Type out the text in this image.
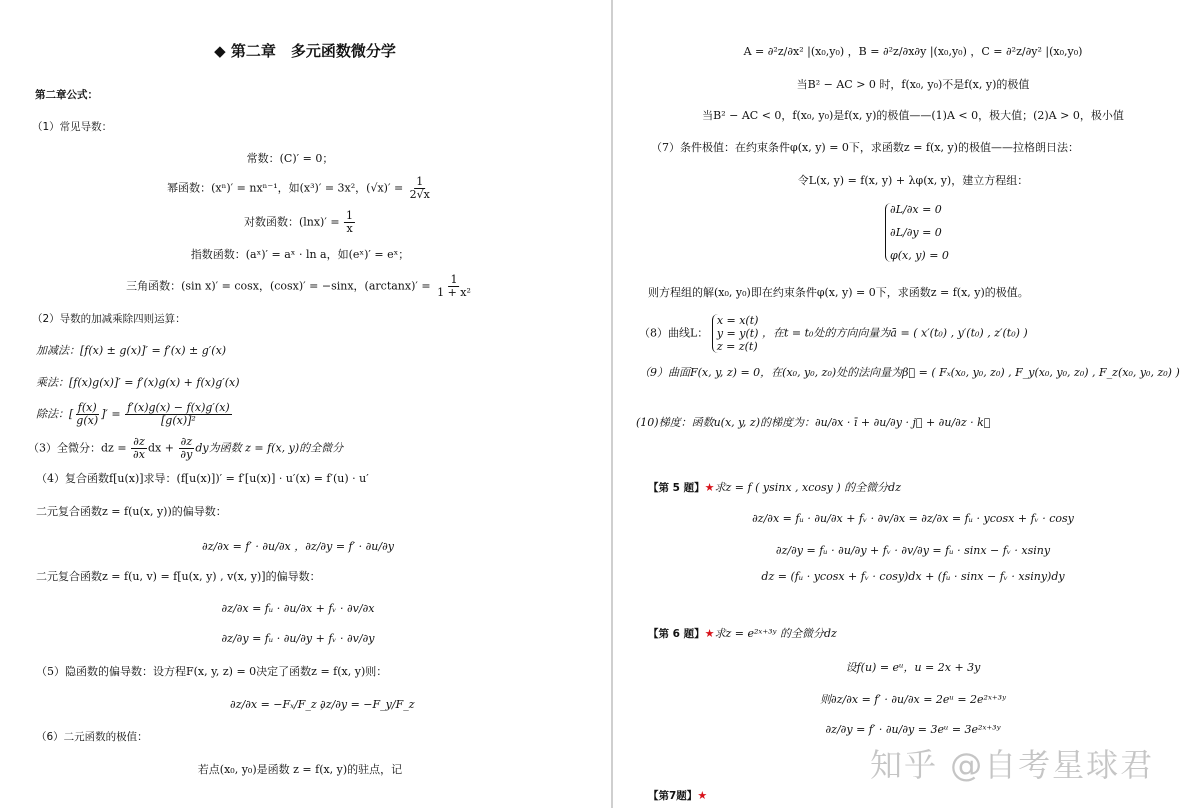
◆ 第二章　多元函数微分学
第二章公式：
（1）常见导数：
常数：(C)′ = 0；
幂函数：(xⁿ)′ = nxⁿ⁻¹，如(x³)′ = 3x²，$(√x)' = \frac{1}{2√x}$
对数函数：$(\ln x)' = \frac{1}{x}$
指数函数：(aˣ)′ = aˣ · ln a，如(eˣ)′ = eˣ；
三角函数：(sin x)′ = cosx，(cosx)′ = −sinx，$(\arctan x)' = \frac{1}{\text{1 + x²}}$
（2）导数的加减乘除四则运算：
加减法：[f(x) ± g(x)]′ = f′(x) ± g′(x)
乘法：[f(x)g(x)]′ = f′(x)g(x) + f(x)g′(x)
除法：[ $\frac{f(x)}{g(x)}$ ]′ = $\frac{f'(x)g(x) - f(x)g'(x)}{\text{[g(x)]²}}$
（3）全微分：dz = $\frac{\partial z}{\partial x}$ dx + $\frac{\partial z}{\partial y}$ dy为函数 z = f(x, y)的全微分
（4）复合函数f[u(x)]求导：(f[u(x)])′ = f′[u(x)] · u′(x) = f′(u) · u′
二元复合函数z = f(u(x, y))的偏导数：
∂z/∂x = f′ · ∂u/∂x ，∂z/∂y = f′ · ∂u/∂y
二元复合函数z = f(u, v) = f[u(x, y) , v(x, y)]的偏导数：
∂z/∂x = fᵤ · ∂u/∂x + fᵥ · ∂v/∂x
∂z/∂y = fᵤ · ∂u/∂y + fᵥ · ∂v/∂y
（5）隐函数的偏导数：设方程F(x, y, z) = 0决定了函数z = f(x, y)则：
∂z/∂x = −Fₓ/F_z ，
∂z/∂y = −F_y/F_z
（6）二元函数的极值：
若点(x₀, y₀)是函数 z = f(x, y)的驻点，记
A = ∂²z/∂x² |(x₀,y₀) ，B = ∂²z/∂x∂y |(x₀,y₀) ，C = ∂²z/∂y² |(x₀,y₀)
当B² − AC > 0 时，f(x₀, y₀)不是f(x, y)的极值
当B² − AC < 0，f(x₀, y₀)是f(x, y)的极值——(1)A < 0，极大值；(2)A > 0，极小值
（7）条件极值：在约束条件φ(x, y) = 0下，求函数z = f(x, y)的极值——拉格朗日法：
令L(x, y) = f(x, y) + λφ(x, y)，建立方程组：
∂L/∂x = 0
∂L/∂y = 0
φ(x, y) = 0
则方程组的解(x₀, y₀)即在约束条件φ(x, y) = 0下，求函数z = f(x, y)的极值。
（8）曲线L：
x = x(t)
y = y(t)
z = z(t)
，在t = t₀处的方向向量为ā = ( x′(t₀) , y′(t₀) , z′(t₀) )
（9）曲面F(x, y, z) = 0，在(x₀, y₀, z₀)处的法向量为β⃗ = ( Fₓ(x₀, y₀, z₀) , F_y(x₀, y₀, z₀) , F_z(x₀, y₀, z₀) )
(10)梯度：函数u(x, y, z)的梯度为：∂u/∂x · ī + ∂u/∂y · j⃗ + ∂u/∂z · k⃗
【第 5 题】★求z = f ( ysinx , xcosy ) 的全微分dz
∂z/∂x = fᵤ · ∂u/∂x + fᵥ · ∂v/∂x = ∂z/∂x = fᵤ · ycosx + fᵥ · cosy
∂z/∂y = fᵤ · ∂u/∂y + fᵥ · ∂v/∂y = fᵤ · sinx − fᵥ · xsiny
dz = (fᵤ · ycosx + fᵥ · cosy)dx + (fᵤ · sinx − fᵥ · xsiny)dy
【第 6 题】★求z = e²ˣ⁺³ʸ 的全微分dz
设f(u) = eᵘ，u = 2x + 3y
则∂z/∂x = f′ · ∂u/∂x = 2eᵘ = 2e²ˣ⁺³ʸ
∂z/∂y = f′ · ∂u/∂y = 3eᵘ = 3e²ˣ⁺³ʸ
【第7题】★
知乎 @自考星球君
